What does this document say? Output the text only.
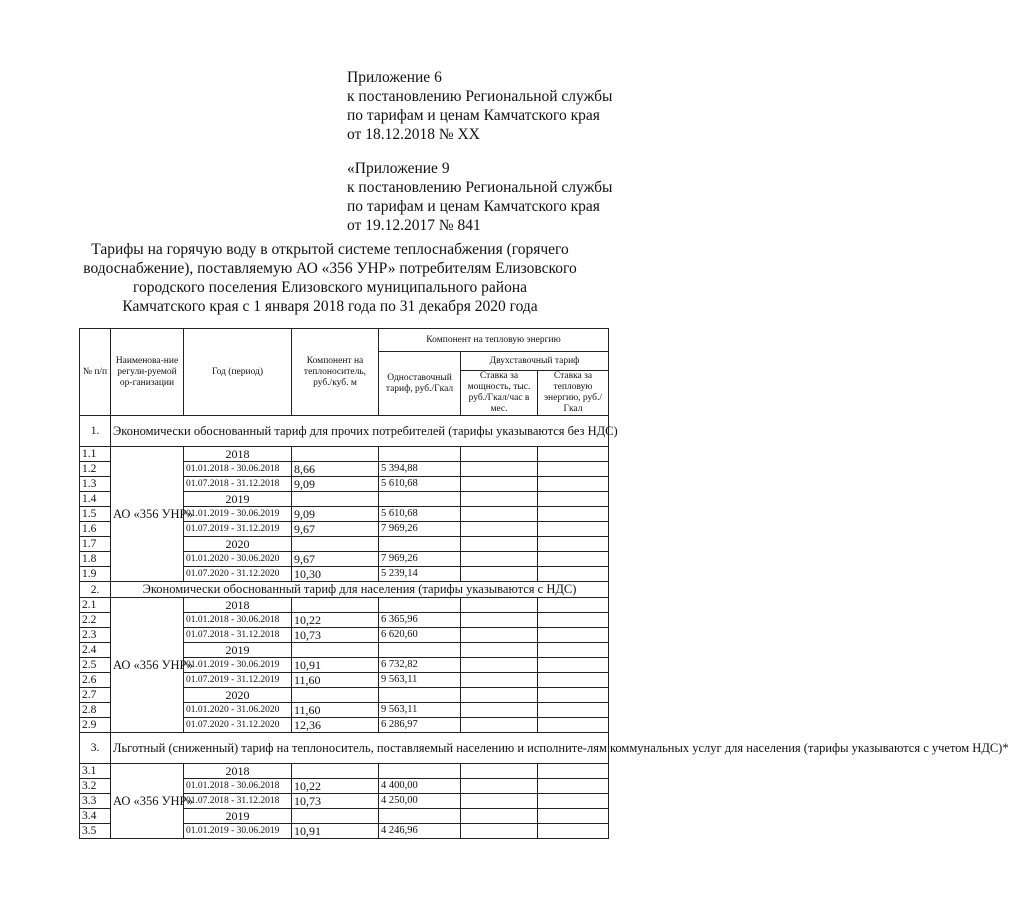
Приложение 6
к постановлению Региональной службы
по тарифам и ценам Камчатского края
от 18.12.2018 № ХХ
«Приложение 9
к постановлению Региональной службы
по тарифам и ценам Камчатского края
от 19.12.2017 № 841
Тарифы на горячую воду в открытой системе теплоснабжения (горячего
водоснабжение), поставляемую АО «356 УНР» потребителям Елизовского
городского поселения Елизовского муниципального района
Камчатского края с 1 января 2018 года по 31 декабря 2020 года
№ п/п	Наименова-ние регули-руемой ор-ганизации	Год (период)	Компонент на теплоноситель, руб./куб. м	Компонент на тепловую энергию		
				Одноставочный тариф, руб./Гкал	Двухставочный тариф	
					Ставка за мощность, тыс. руб./Гкал/час в мес.	Ставка за тепловую энергию, руб./Гкал
1.	Экономически обоснованный тариф для прочих потребителей (тарифы указываются без НДС)					
1.1	АО «356 УНР»	2018				
1.2		01.01.2018 - 30.06.2018	8,66	5 394,88		
1.3		01.07.2018 - 31.12.2018	9,09	5 610,68		
1.4		2019				
1.5		01.01.2019 - 30.06.2019	9,09	5 610,68		
1.6		01.07.2019 - 31.12.2019	9,67	7 969,26		
1.7		2020				
1.8		01.01.2020 - 30.06.2020	9,67	7 969,26		
1.9		01.07.2020 - 31.12.2020	10,30	5 239,14		
2.	Экономически обоснованный тариф для населения (тарифы указываются с НДС)					
2.1	АО «356 УНР»	2018				
2.2		01.01.2018 - 30.06.2018	10,22	6 365,96		
2.3		01.07.2018 - 31.12.2018	10,73	6 620,60		
2.4		2019				
2.5		01.01.2019 - 30.06.2019	10,91	6 732,82		
2.6		01.07.2019 - 31.12.2019	11,60	9 563,11		
2.7		2020				
2.8		01.01.2020 - 31.06.2020	11,60	9 563,11		
2.9		01.07.2020 - 31.12.2020	12,36	6 286,97		
3.	Льготный (сниженный) тариф на теплоноситель, поставляемый населению и исполните-лям коммунальных услуг для населения (тарифы указываются с учетом НДС)*					
3.1	АО «356 УНР»	2018				
3.2		01.01.2018 - 30.06.2018	10,22	4 400,00		
3.3		01.07.2018 - 31.12.2018	10,73	4 250,00		
3.4		2019				
3.5		01.01.2019 - 30.06.2019	10,91	4 246,96		
